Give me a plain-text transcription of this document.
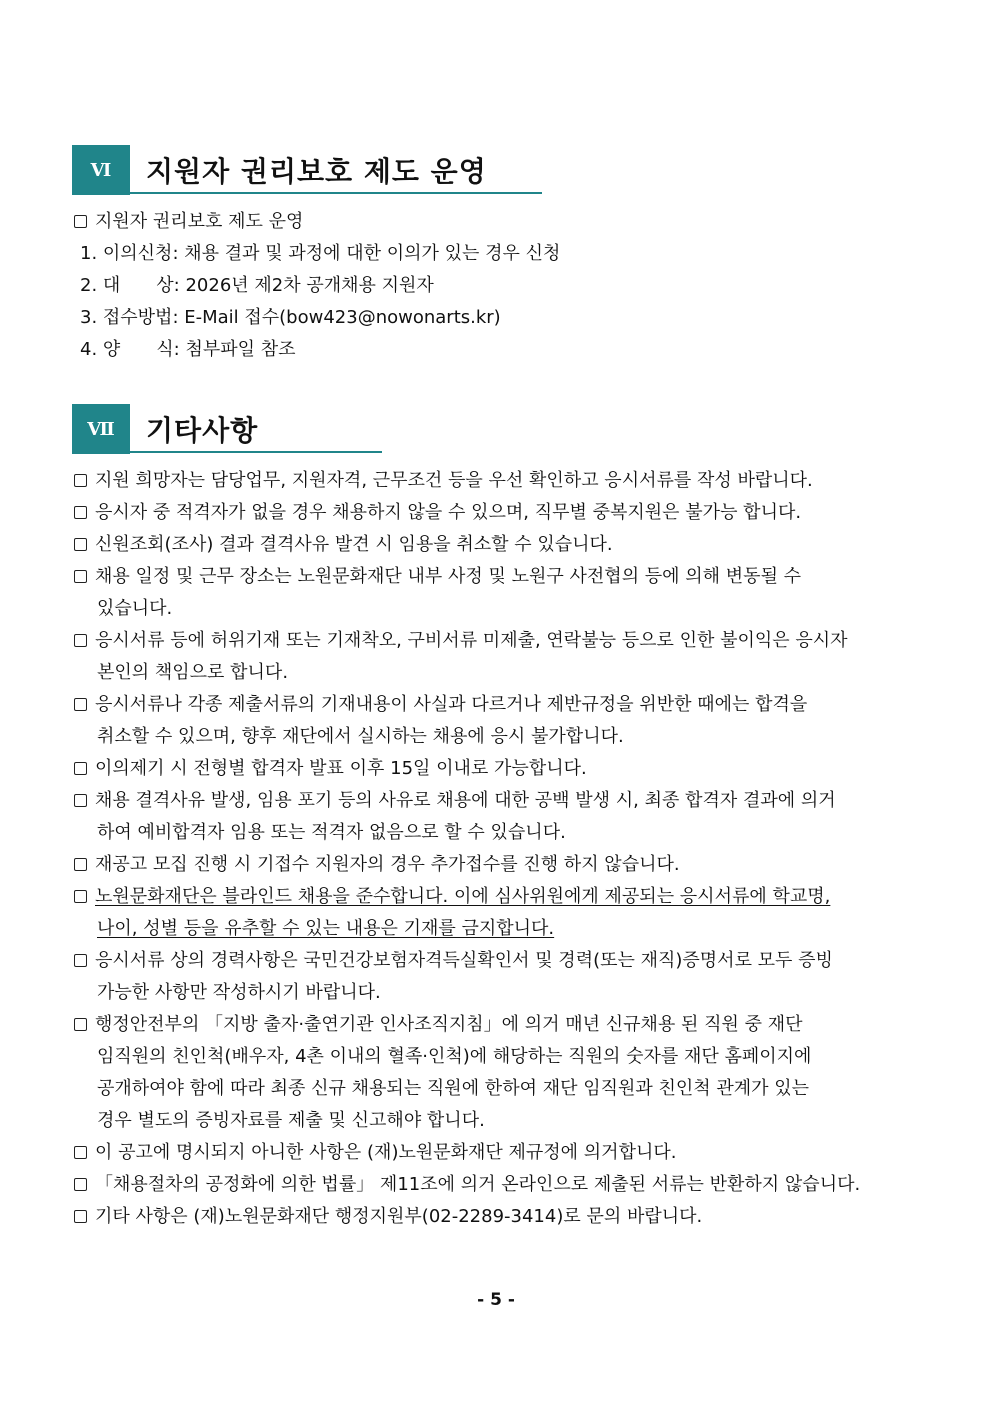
Ⅵ	지원자 권리보호 제도 운영
지원자 권리보호 제도 운영
1. 이의신청: 채용 결과 및 과정에 대한 이의가 있는 경우 신청
2. 대　　상: 2026년 제2차 공개채용 지원자
3. 접수방법: E-Mail 접수(bow423@nowonarts.kr)
4. 양　　식: 첨부파일 참조
Ⅶ	기타사항
지원 희망자는 담당업무, 지원자격, 근무조건 등을 우선 확인하고 응시서류를 작성 바랍니다.
응시자 중 적격자가 없을 경우 채용하지 않을 수 있으며, 직무별 중복지원은 불가능 합니다.
신원조회(조사) 결과 결격사유 발견 시 임용을 취소할 수 있습니다.
채용 일정 및 근무 장소는 노원문화재단 내부 사정 및 노원구 사전협의 등에 의해 변동될 수
있습니다.
응시서류 등에 허위기재 또는 기재착오, 구비서류 미제출, 연락불능 등으로 인한 불이익은 응시자
본인의 책임으로 합니다.
응시서류나 각종 제출서류의 기재내용이 사실과 다르거나 제반규정을 위반한 때에는 합격을
취소할 수 있으며, 향후 재단에서 실시하는 채용에 응시 불가합니다.
이의제기 시 전형별 합격자 발표 이후 15일 이내로 가능합니다.
채용 결격사유 발생, 임용 포기 등의 사유로 채용에 대한 공백 발생 시, 최종 합격자 결과에 의거
하여 예비합격자 임용 또는 적격자 없음으로 할 수 있습니다.
재공고 모집 진행 시 기접수 지원자의 경우 추가접수를 진행 하지 않습니다.
노원문화재단은 블라인드 채용을 준수합니다. 이에 심사위원에게 제공되는 응시서류에 학교명,
나이, 성별 등을 유추할 수 있는 내용은 기재를 금지합니다.
응시서류 상의 경력사항은 국민건강보험자격득실확인서 및 경력(또는 재직)증명서로 모두 증빙
가능한 사항만 작성하시기 바랍니다.
행정안전부의 「지방 출자·출연기관 인사조직지침」에 의거 매년 신규채용 된 직원 중 재단
임직원의 친인척(배우자, 4촌 이내의 혈족·인척)에 해당하는 직원의 숫자를 재단 홈페이지에
공개하여야 함에 따라 최종 신규 채용되는 직원에 한하여 재단 임직원과 친인척 관계가 있는
경우 별도의 증빙자료를 제출 및 신고해야 합니다.
이 공고에 명시되지 아니한 사항은 (재)노원문화재단 제규정에 의거합니다.
「채용절차의 공정화에 의한 법률」 제11조에 의거 온라인으로 제출된 서류는 반환하지 않습니다.
기타 사항은 (재)노원문화재단 행정지원부(02-2289-3414)로 문의 바랍니다.
- 5 -
